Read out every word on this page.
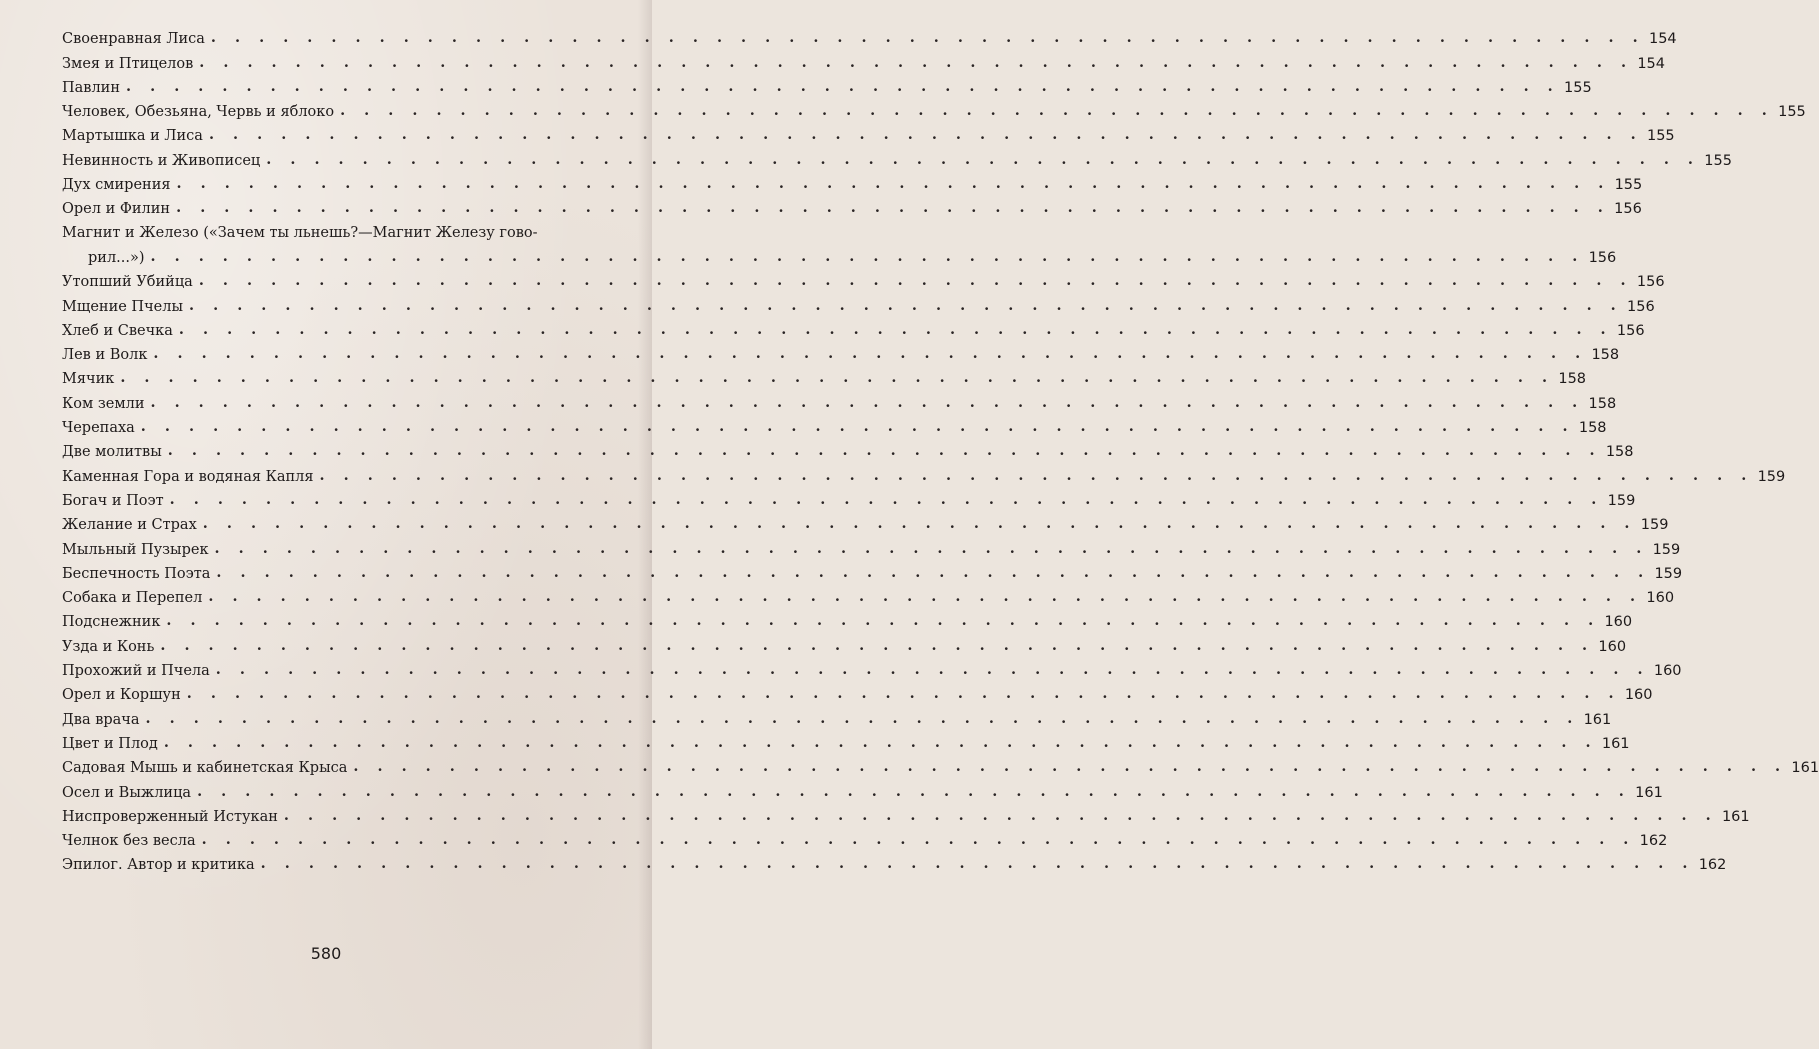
Своенравная Лиса . . .	154
Змея и Птицелов . . .	154
Павлин . . .	155
Человек, Обезьяна, Червь и яблоко . . .	155
Мартышка и Лиса . . .	155
Невинность и Живописец . . .	155
Дух смирения . . .	155
Орел и Филин . . .	156
Магнит и Железо («Зачем ты льнешь?—Магнит Железу гово-
рил...») . . .	156
Утопший Убийца . . .	156
Мщение Пчелы . . .	156
Хлеб и Свечка . . .	156
Лев и Волк . . .	158
Мячик . . .	158
Ком земли . . .	158
Черепаха . . .	158
Две молитвы . . .	158
Каменная Гора и водяная Капля . . .	159
Богач и Поэт . . .	159
Желание и Страх . . .	159
Мыльный Пузырек . . .	159
Беспечность Поэта . . .	159
Собака и Перепел . . .	160
Подснежник . . .	160
Узда и Конь . . .	160
Прохожий и Пчела . . .	160
Орел и Коршун . . .	160
Два врача . . .	161
Цвет и Плод . . .	161
Садовая Мышь и кабинетская Крыса . . .	161
Осел и Выжлица . . .	161
Ниспроверженный Истукан . . .	161
Челнок без весла . . .	162
Эпилог. Автор и критика . . .	162
580
